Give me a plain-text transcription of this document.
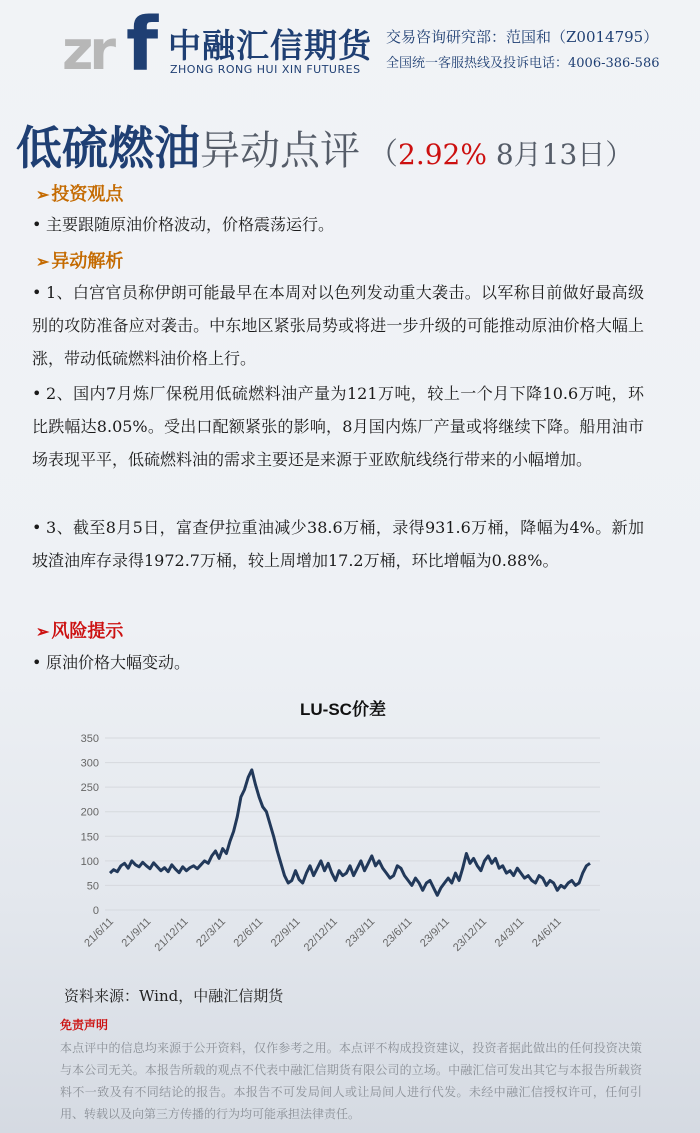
zr f 中融汇信期货
ZHONG RONG HUI XIN FUTURES
交易咨询研究部：范国和（Z0014795）
全国统一客服热线及投诉电话：4006-386-586
低硫燃油异动点评 （2.92% 8月13日）
➢ 投资观点
• 主要跟随原油价格波动，价格震荡运行。
➢ 异动解析
• 1、白宫官员称伊朗可能最早在本周对以色列发动重大袭击。以军称目前做好最高级别的攻防准备应对袭击。中东地区紧张局势或将进一步升级的可能推动原油价格大幅上涨，带动低硫燃料油价格上行。
• 2、国内7月炼厂保税用低硫燃料油产量为121万吨，较上一个月下降10.6万吨，环比跌幅达8.05%。受出口配额紧张的影响，8月国内炼厂产量或将继续下降。船用油市场表现平平，低硫燃料油的需求主要还是来源于亚欧航线绕行带来的小幅增加。
• 3、截至8月5日，富查伊拉重油减少38.6万桶，录得931.6万桶，降幅为4%。新加坡渣油库存录得1972.7万桶，较上周增加17.2万桶，环比增幅为0.88%。
➢ 风险提示
• 原油价格大幅变动。
LU-SC价差
0
50
100
150
200
250
300
350
21/6/11 21/9/11 21/12/11 22/3/11 22/6/11 22/9/11 22/12/11 23/3/11 23/6/11 23/9/11 23/12/11 24/3/11 24/6/11
资料来源：Wind，中融汇信期货
免责声明
本点评中的信息均来源于公开资料，仅作参考之用。本点评不构成投资建议，投资者据此做出的任何投资决策与本公司无关。本报告所载的观点不代表中融汇信期货有限公司的立场。中融汇信可发出其它与本报告所载资料不一致及有不同结论的报告。本报告不可发局间人或让局间人进行代发。未经中融汇信授权许可，任何引用、转载以及向第三方传播的行为均可能承担法律责任。
